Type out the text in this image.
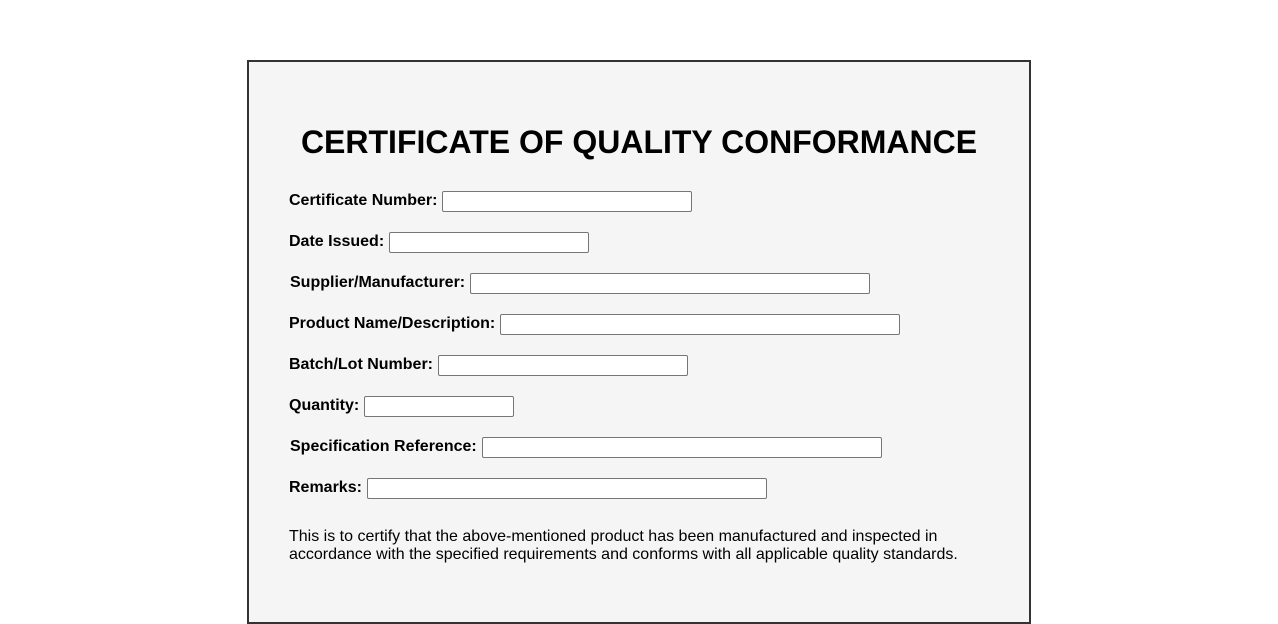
CERTIFICATE OF QUALITY CONFORMANCE
Certificate Number:
Date Issued:
Supplier/Manufacturer:
Product Name/Description:
Batch/Lot Number:
Quantity:
Specification Reference:
Remarks:

This is to certify that the above-mentioned product has been manufactured and inspected in accordance with the specified requirements and conforms with all applicable quality standards.
